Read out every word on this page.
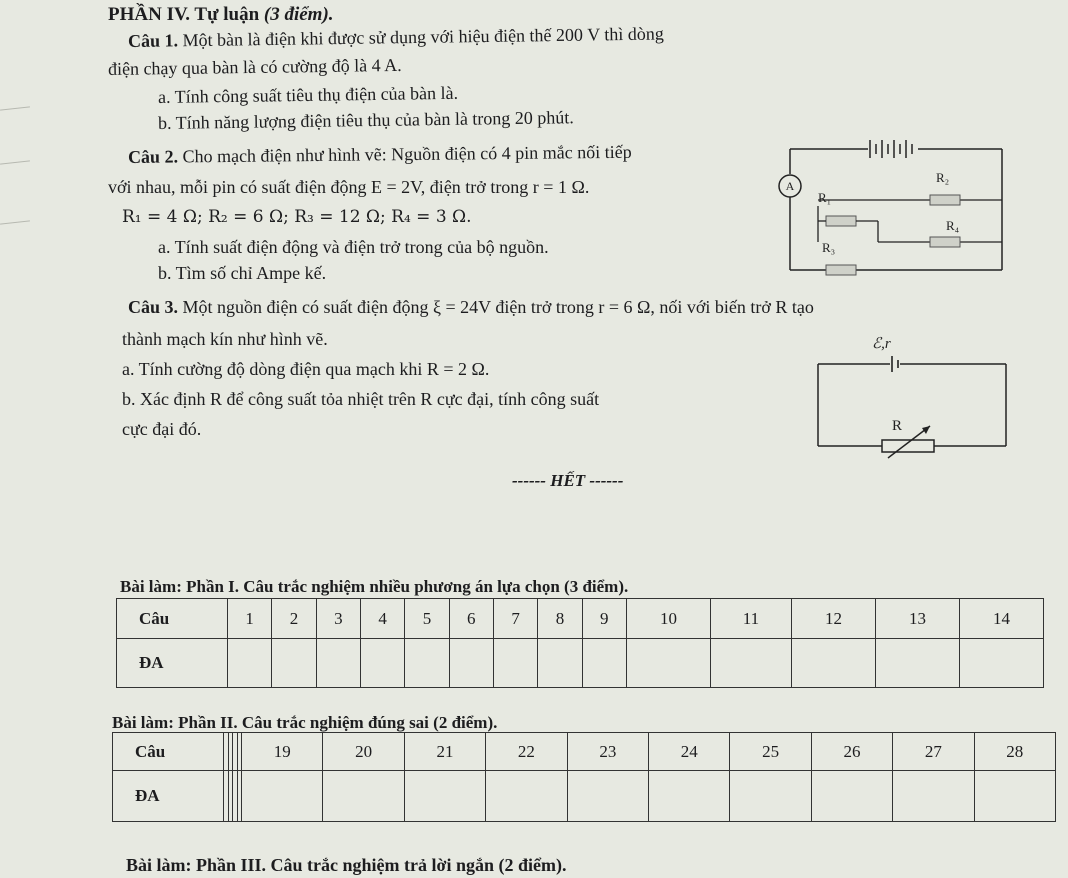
PHẦN IV. Tự luận (3 điểm).
Câu 1. Một bàn là điện khi được sử dụng với hiệu điện thế 200 V thì dòng
điện chạy qua bàn là có cường độ là 4 A.
a. Tính công suất tiêu thụ điện của bàn là.
b. Tính năng lượng điện tiêu thụ của bàn là trong 20 phút.
Câu 2. Cho mạch điện như hình vẽ: Nguồn điện có 4 pin mắc nối tiếp
với nhau, mỗi pin có suất điện động E = 2V, điện trở trong r = 1 Ω.
R₁ = 4 Ω; R₂ = 6 Ω; R₃ = 12 Ω; R₄ = 3 Ω.
a. Tính suất điện động và điện trở trong của bộ nguồn.
b. Tìm số chỉ Ampe kế.
A
R₂
R₁
R₄
R₃
Câu 3. Một nguồn điện có suất điện động ξ = 24V điện trở trong r = 6 Ω, nối với biến trở R tạo
thành mạch kín như hình vẽ.
a. Tính cường độ dòng điện qua mạch khi R = 2 Ω.
b. Xác định R để công suất tỏa nhiệt trên R cực đại, tính công suất
cực đại đó.
ℰ,r
R
------ HẾT ------
Bài làm: Phần I. Câu trắc nghiệm nhiều phương án lựa chọn (3 điểm).
Câu	1	2	3	4	5	6	7	8	9	10	11	12	13	14
ĐA														
Bài làm: Phần II. Câu trắc nghiệm đúng sai (2 điểm).
Câu					19	20	21	22	23	24	25	26	27	28
ĐA														
Bài làm: Phần III. Câu trắc nghiệm trả lời ngắn (2 điểm).
